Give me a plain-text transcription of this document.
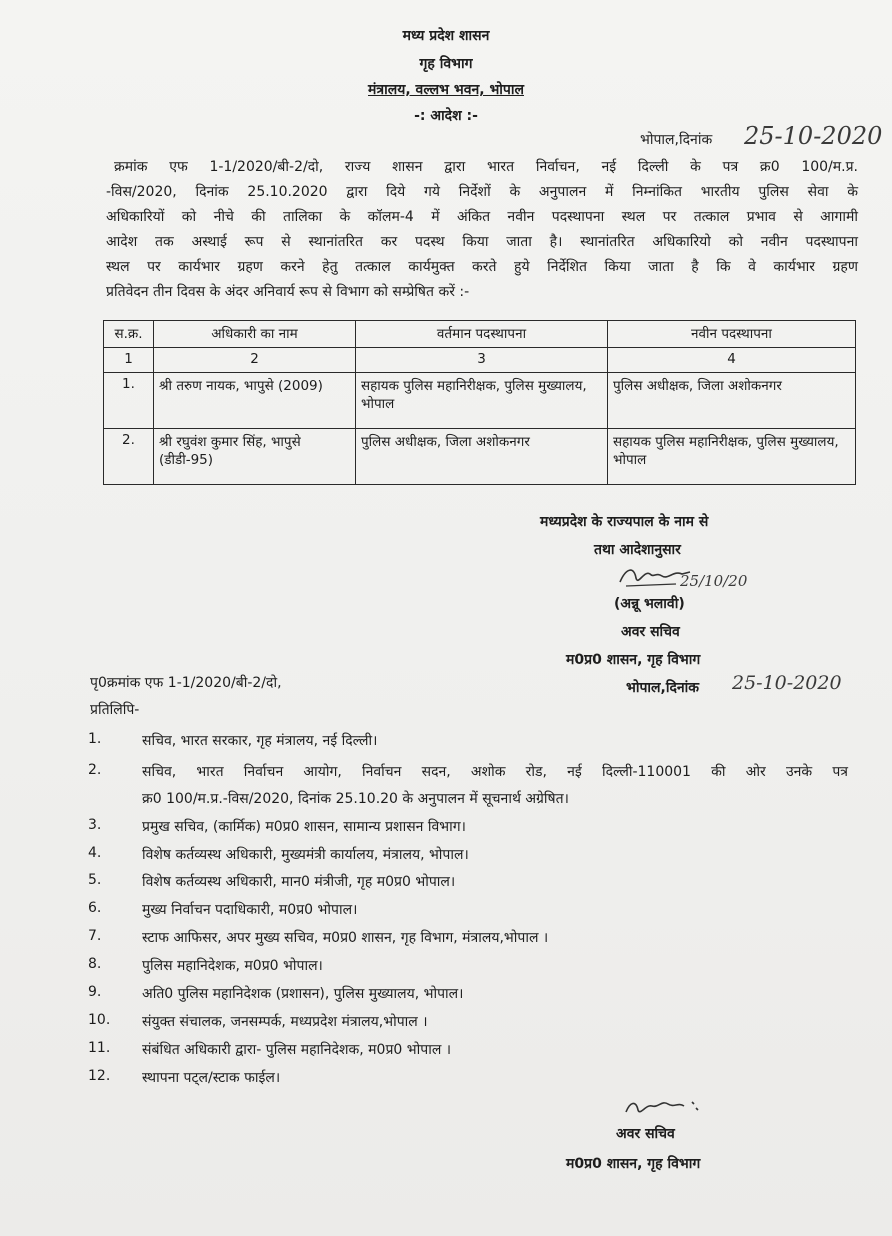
मध्य प्रदेश शासन
गृह विभाग
मंत्रालय, वल्लभ भवन, भोपाल
-: आदेश :-
भोपाल,दिनांक 25-10-2020
क्रमांक एफ 1-1/2020/बी-2/दो, राज्य शासन द्वारा भारत निर्वाचन, नई दिल्ली के पत्र क्र0 100/म.प्र.
-विस/2020, दिनांक 25.10.2020 द्वारा दिये गये निर्देशों के अनुपालन में निम्नांकित भारतीय पुलिस सेवा के
अधिकारियों को नीचे की तालिका के कॉलम-4 में अंकित नवीन पदस्थापना स्थल पर तत्काल प्रभाव से आगामी
आदेश तक अस्थाई रूप से स्थानांतरित कर पदस्थ किया जाता है। स्थानांतरित अधिकारियो को नवीन पदस्थापना
स्थल पर कार्यभार ग्रहण करने हेतु तत्काल कार्यमुक्त करते हुये निर्देशित किया जाता है कि वे कार्यभार ग्रहण
प्रतिवेदन तीन दिवस के अंदर अनिवार्य रूप से विभाग को सम्प्रेषित करें :-
स.क्र.	अधिकारी का नाम	वर्तमान पदस्थापना	नवीन पदस्थापना
1	2	3	4
1.	श्री तरुण नायक, भापुसे (2009)	सहायक पुलिस महानिरीक्षक, पुलिस मुख्यालय, भोपाल	पुलिस अधीक्षक, जिला अशोकनगर
2.	श्री रघुवंश कुमार सिंह, भापुसे (डीडी-95)	पुलिस अधीक्षक, जिला अशोकनगर	सहायक पुलिस महानिरीक्षक, पुलिस मुख्यालय, भोपाल
मध्यप्रदेश के राज्यपाल के नाम से
तथा आदेशानुसार
25/10/20
(अन्नू भलावी)
अवर सचिव
म0प्र0 शासन, गृह विभाग
पृ0क्रमांक एफ 1-1/2020/बी-2/दो,	भोपाल,दिनांक 25-10-2020
प्रतिलिपि-
1.	सचिव, भारत सरकार, गृह मंत्रालय, नई दिल्ली।
2.	सचिव, भारत निर्वाचन आयोग, निर्वाचन सदन, अशोक रोड, नई दिल्ली-110001 की ओर उनके पत्र
क्र0 100/म.प्र.-विस/2020, दिनांक 25.10.20 के अनुपालन में सूचनार्थ अग्रेषित।
3.	प्रमुख सचिव, (कार्मिक) म0प्र0 शासन, सामान्य प्रशासन विभाग।
4.	विशेष कर्तव्यस्थ अधिकारी, मुख्यमंत्री कार्यालय, मंत्रालय, भोपाल।
5.	विशेष कर्तव्यस्थ अधिकारी, मान0 मंत्रीजी, गृह म0प्र0 भोपाल।
6.	मुख्य निर्वाचन पदाधिकारी, म0प्र0 भोपाल।
7.	स्टाफ आफिसर, अपर मुख्य सचिव, म0प्र0 शासन, गृह विभाग, मंत्रालय,भोपाल ।
8.	पुलिस महानिदेशक, म0प्र0 भोपाल।
9.	अति0 पुलिस महानिदेशक (प्रशासन), पुलिस मुख्यालय, भोपाल।
10. संयुक्त संचालक, जनसम्पर्क, मध्यप्रदेश मंत्रालय,भोपाल ।
11. संबंधित अधिकारी द्वारा- पुलिस महानिदेशक, म0प्र0 भोपाल ।
12. स्थापना पट्ल/स्टाक फाईल।
अवर सचिव
म0प्र0 शासन, गृह विभाग
